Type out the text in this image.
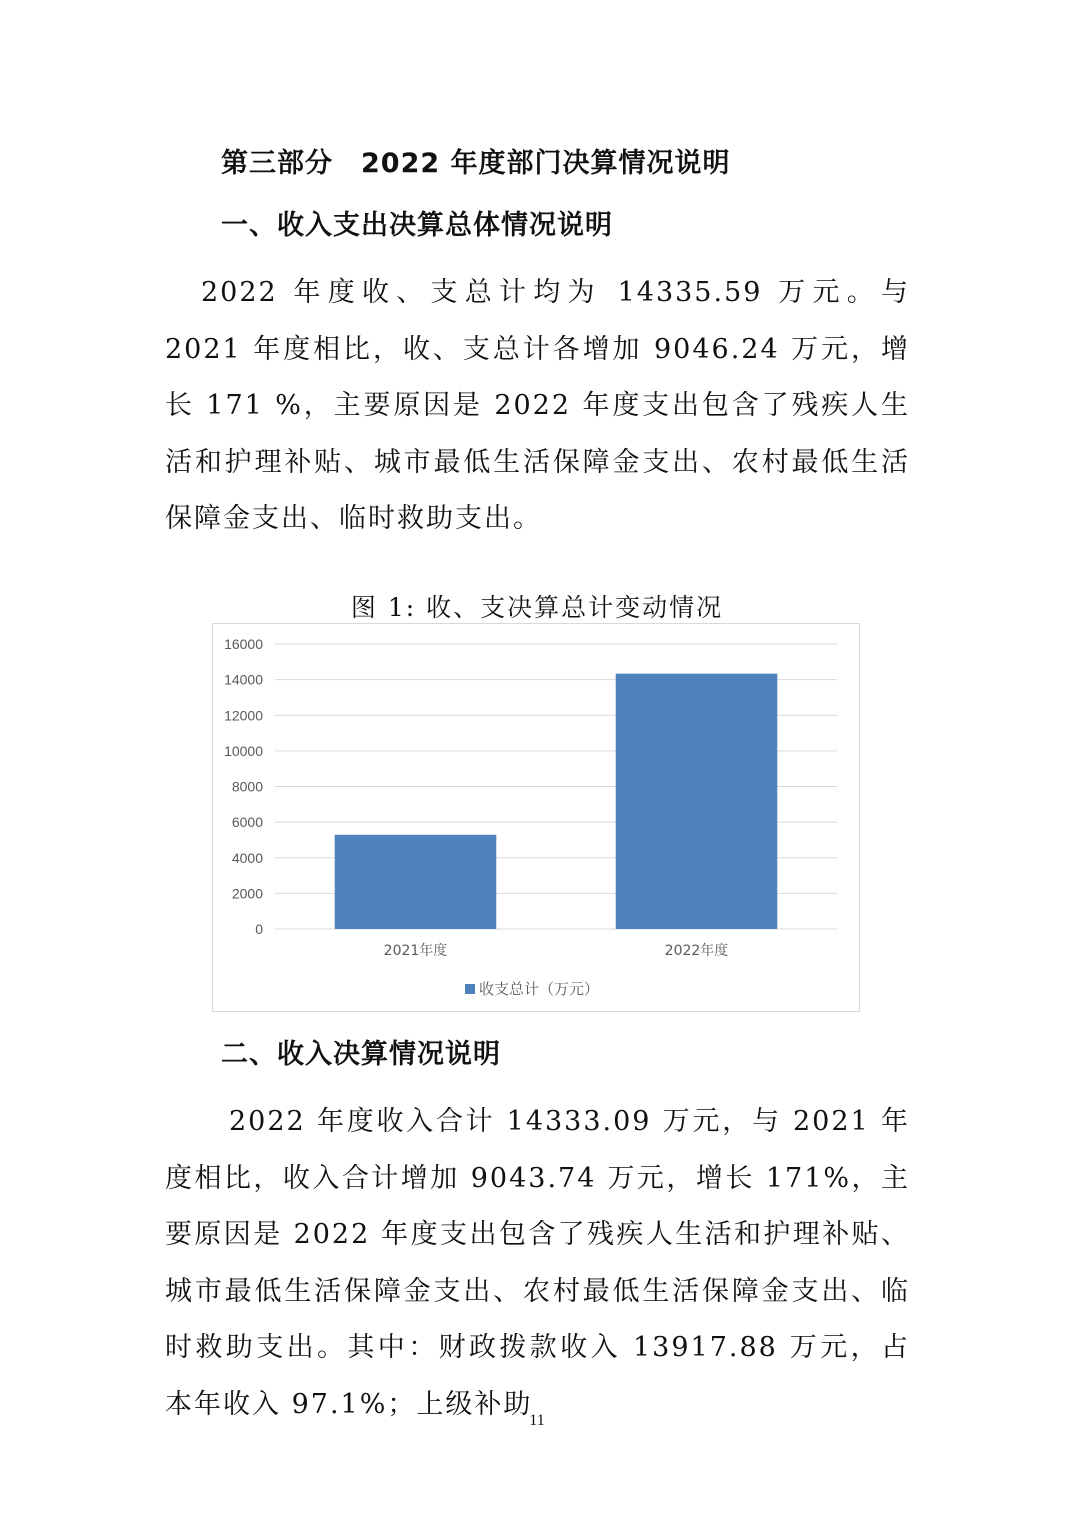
第三部分　2022 年度部门决算情况说明
一、收入支出决算总体情况说明
2022 年度收、支总计均为 14335.59 万元。与 2021 年度相比，收、支总计各增加 9046.24 万元，增长 171 %，主要原因是 2022 年度支出包含了残疾人生活和护理补贴、城市最低生活保障金支出、农村最低生活保障金支出、临时救助支出。
图 1: 收、支决算总计变动情况
0
2000
4000
6000
8000
10000
12000
14000
16000
2021年度	2022年度
收支总计（万元）
二、收入决算情况说明
2022 年度收入合计 14333.09 万元，与 2021 年度相比，收入合计增加 9043.74 万元，增长 171%，主要原因是 2022 年度支出包含了残疾人生活和护理补贴、城市最低生活保障金支出、农村最低生活保障金支出、临时救助支出。其中：财政拨款收入 13917.88 万元，占本年收入 97.1%；上级补助
11
